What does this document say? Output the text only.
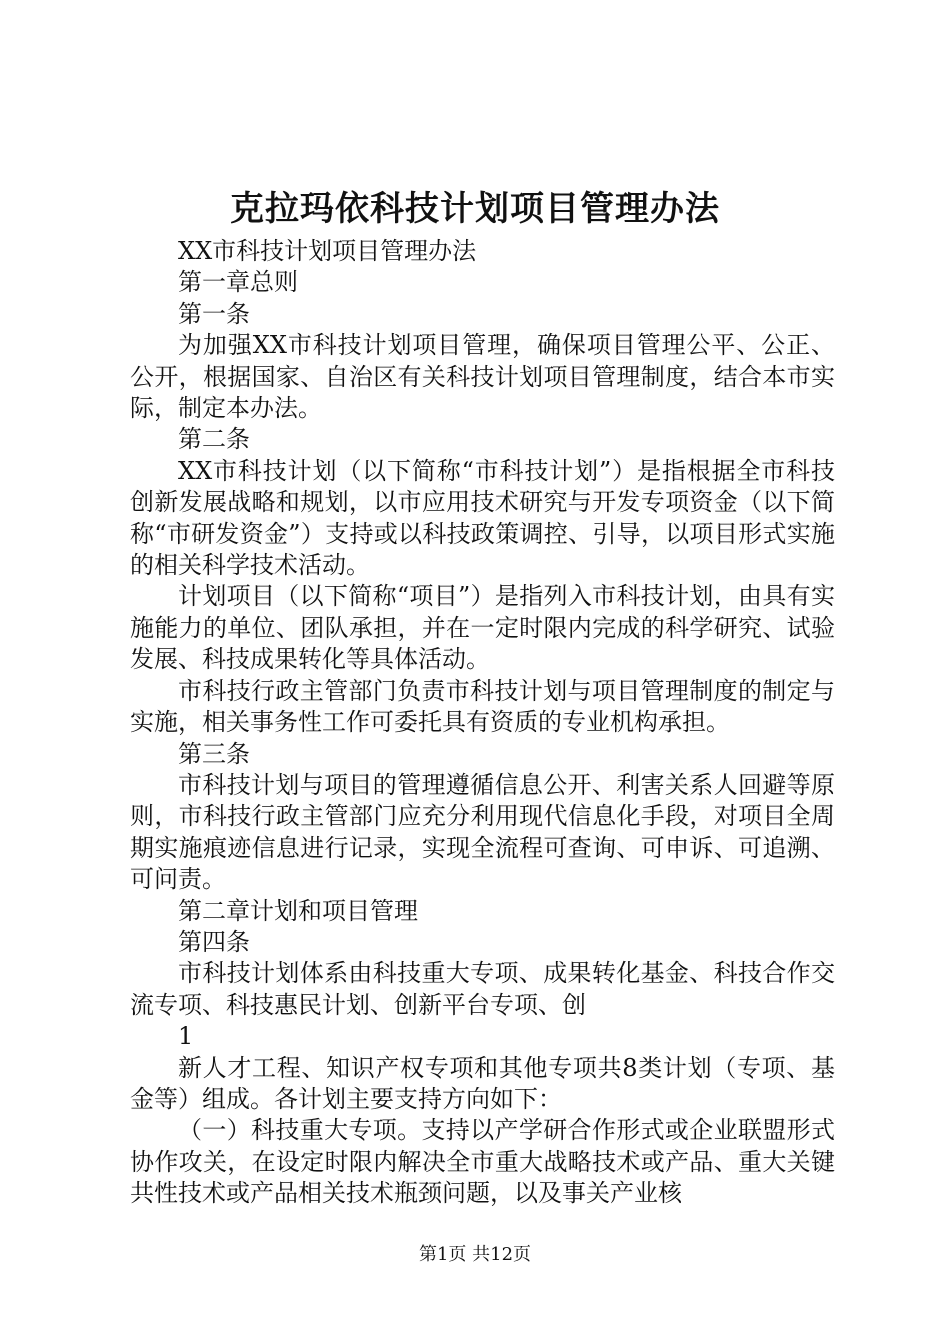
克拉玛依科技计划项目管理办法

XX市科技计划项目管理办法

第一章总则

第一条

为加强XX市科技计划项目管理，确保项目管理公平、公正、公开，根据国家、自治区有关科技计划项目管理制度，结合本市实际，制定本办法。

第二条

XX市科技计划（以下简称“市科技计划”）是指根据全市科技创新发展战略和规划，以市应用技术研究与开发专项资金（以下简称“市研发资金”）支持或以科技政策调控、引导，以项目形式实施的相关科学技术活动。

计划项目（以下简称“项目”）是指列入市科技计划，由具有实施能力的单位、团队承担，并在一定时限内完成的科学研究、试验发展、科技成果转化等具体活动。

市科技行政主管部门负责市科技计划与项目管理制度的制定与实施，相关事务性工作可委托具有资质的专业机构承担。

第三条

市科技计划与项目的管理遵循信息公开、利害关系人回避等原则，市科技行政主管部门应充分利用现代信息化手段，对项目全周期实施痕迹信息进行记录，实现全流程可查询、可申诉、可追溯、可问责。

第二章计划和项目管理

第四条

市科技计划体系由科技重大专项、成果转化基金、科技合作交流专项、科技惠民计划、创新平台专项、创

1

新人才工程、知识产权专项和其他专项共8类计划（专项、基金等）组成。各计划主要支持方向如下：

（一）科技重大专项。支持以产学研合作形式或企业联盟形式协作攻关，在设定时限内解决全市重大战略技术或产品、重大关键共性技术或产品相关技术瓶颈问题，以及事关产业核

第1页 共12页
